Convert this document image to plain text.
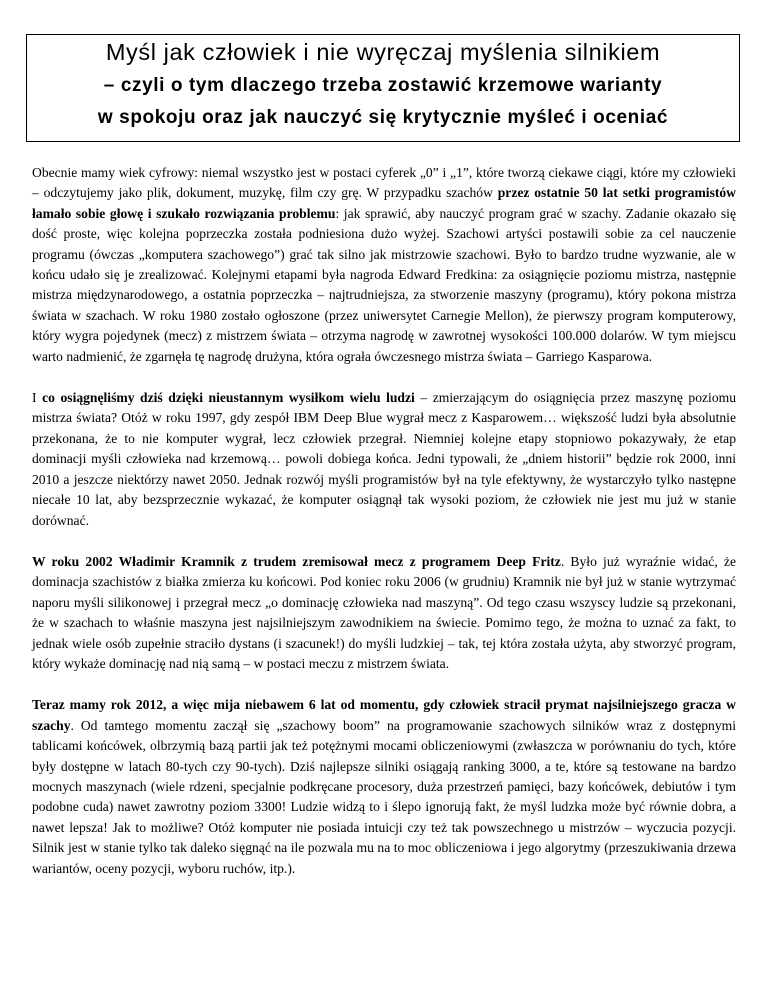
Myśl jak człowiek i nie wyręczaj myślenia silnikiem
– czyli o tym dlaczego trzeba zostawić krzemowe warianty
w spokoju oraz jak nauczyć się krytycznie myśleć i oceniać

Obecnie mamy wiek cyfrowy: niemal wszystko jest w postaci cyferek „0” i „1”, które tworzą ciekawe ciągi, które my człowieki – odczytujemy jako plik, dokument, muzykę, film czy grę. W przypadku szachów przez ostatnie 50 lat setki programistów łamało sobie głowę i szukało rozwiązania problemu: jak sprawić, aby nauczyć program grać w szachy. Zadanie okazało się dość proste, więc kolejna poprzeczka została podniesiona dużo wyżej. Szachowi artyści postawili sobie za cel nauczenie programu (ówczas „komputera szachowego”) grać tak silno jak mistrzowie szachowi. Było to bardzo trudne wyzwanie, ale w końcu udało się je zrealizować. Kolejnymi etapami była nagroda Edward Fredkina: za osiągnięcie poziomu mistrza, następnie mistrza międzynarodowego, a ostatnia poprzeczka – najtrudniejsza, za stworzenie maszyny (programu), który pokona mistrza świata w szachach. W roku 1980 zostało ogłoszone (przez uniwersytet Carnegie Mellon), że pierwszy program komputerowy, który wygra pojedynek (mecz) z mistrzem świata – otrzyma nagrodę w zawrotnej wysokości 100.000 dolarów. W tym miejscu warto nadmienić, że zgarnęła tę nagrodę drużyna, która ograła ówczesnego mistrza świata – Garriego Kasparowa.

I co osiągnęliśmy dziś dzięki nieustannym wysiłkom wielu ludzi – zmierzającym do osiągnięcia przez maszynę poziomu mistrza świata? Otóż w roku 1997, gdy zespół IBM Deep Blue wygrał mecz z Kasparowem… większość ludzi była absolutnie przekonana, że to nie komputer wygrał, lecz człowiek przegrał. Niemniej kolejne etapy stopniowo pokazywały, że etap dominacji myśli człowieka nad krzemową… powoli dobiega końca. Jedni typowali, że „dniem historii” będzie rok 2000, inni 2010 a jeszcze niektórzy nawet 2050. Jednak rozwój myśli programistów był na tyle efektywny, że wystarczyło tylko następne niecałe 10 lat, aby bezsprzecznie wykazać, że komputer osiągnął tak wysoki poziom, że człowiek nie jest mu już w stanie dorównać.

W roku 2002 Władimir Kramnik z trudem zremisował mecz z programem Deep Fritz. Było już wyraźnie widać, że dominacja szachistów z białka zmierza ku końcowi. Pod koniec roku 2006 (w grudniu) Kramnik nie był już w stanie wytrzymać naporu myśli silikonowej i przegrał mecz „o dominację człowieka nad maszyną”. Od tego czasu wszyscy ludzie są przekonani, że w szachach to właśnie maszyna jest najsilniejszym zawodnikiem na świecie. Pomimo tego, że można to uznać za fakt, to jednak wiele osób zupełnie straciło dystans (i szacunek!) do myśli ludzkiej – tak, tej która została użyta, aby stworzyć program, który wykaże dominację nad nią samą – w postaci meczu z mistrzem świata.

Teraz mamy rok 2012, a więc mija niebawem 6 lat od momentu, gdy człowiek stracił prymat najsilniejszego gracza w szachy. Od tamtego momentu zaczął się „szachowy boom” na programowanie szachowych silników wraz z dostępnymi tablicami końcówek, olbrzymią bazą partii jak też potężnymi mocami obliczeniowymi (zwłaszcza w porównaniu do tych, które były dostępne w latach 80-tych czy 90-tych). Dziś najlepsze silniki osiągają ranking 3000, a te, które są testowane na bardzo mocnych maszynach (wiele rdzeni, specjalnie podkręcane procesory, duża przestrzeń pamięci, bazy końcówek, debiutów i tym podobne cuda) nawet zawrotny poziom 3300! Ludzie widzą to i ślepo ignorują fakt, że myśl ludzka może być równie dobra, a nawet lepsza! Jak to możliwe? Otóż komputer nie posiada intuicji czy też tak powszechnego u mistrzów – wyczucia pozycji. Silnik jest w stanie tylko tak daleko sięgnąć na ile pozwala mu na to moc obliczeniowa i jego algorytmy (przeszukiwania drzewa wariantów, oceny pozycji, wyboru ruchów, itp.).
